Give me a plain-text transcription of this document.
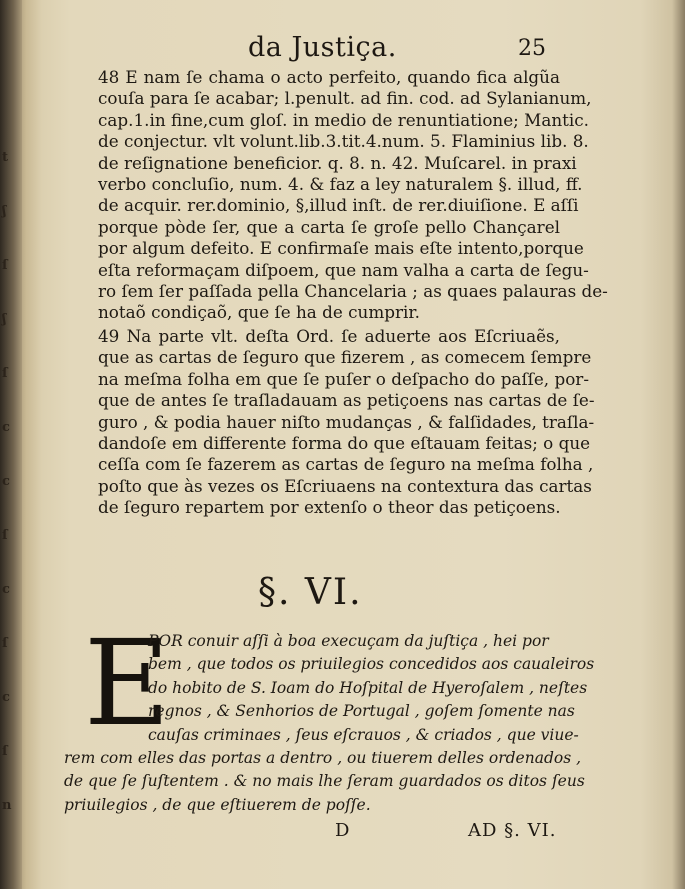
t
ʃ
ſ
ʃ
ſ
c
c
ſ
c
ſ
c
ſ
n
da Justiça.	25
48 E nam ſe chama o acto perfeito, quando fica algũa
couſa para ſe acabar; l.penult. ad fin. cod. ad Sylanianum,
cap.1.in fine,cum gloſ. in medio de renuntiatione; Mantic.
de conjectur. vlt volunt.lib.3.tit.4.num. 5. Flaminius lib. 8.
de reſignatione beneficior. q. 8. n. 42. Muſcarel. in praxi
verbo concluſio, num. 4. & faz a ley naturalem §. illud, ff.
de acquir. rer.dominio, §,illud inſt. de rer.diuiſione. E aſſi
porque pòde ſer, que a carta ſe groſe pello Chançarel
por algum defeito. E confirmaſe mais eſte intento,porque
eſta reformaçam diſpoem, que nam valha a carta de ſegu-
ro ſem ſer paſſada pella Chancelaria ; as quaes palauras de-
notaõ condiçaõ, que ſe ha de cumprir.
49 Na parte vlt. deſta Ord. ſe aduerte aos Eſcriuaẽs,
que as cartas de ſeguro que fizerem , as comecem ſempre
na meſma folha em que ſe puſer o deſpacho do paſſe, por-
que de antes ſe traſladauam as petiçoens nas cartas de ſe-
guro , & podia hauer niſto mudanças , & falſidades, traſla-
dandoſe em differente forma do que eſtauam feitas; o que
ceſſa com ſe fazerem as cartas de ſeguro na meſma folha ,
poſto que às vezes os Eſcriuaens na contextura das cartas
de ſeguro repartem por extenſo o theor das petiçoens.
§. VI.
E
POR conuir aſſi à boa execuçam da juſtiça , hei por
bem , que todos os priuilegios concedidos aos caualeiros
do hobito de S. Ioam do Hoſpital de Hyeroſalem , neſtes
regnos , & Senhorios de Portugal , goſem ſomente nas
cauſas criminaes , ſeus eſcrauos , & criados , que viue-
rem com elles das portas a dentro , ou tiuerem delles ordenados ,
de que ſe ſuſtentem . & no mais lhe ſeram guardados os ditos ſeus
priuilegios , de que eſtiuerem de poſſe.
D	AD §. VI.
